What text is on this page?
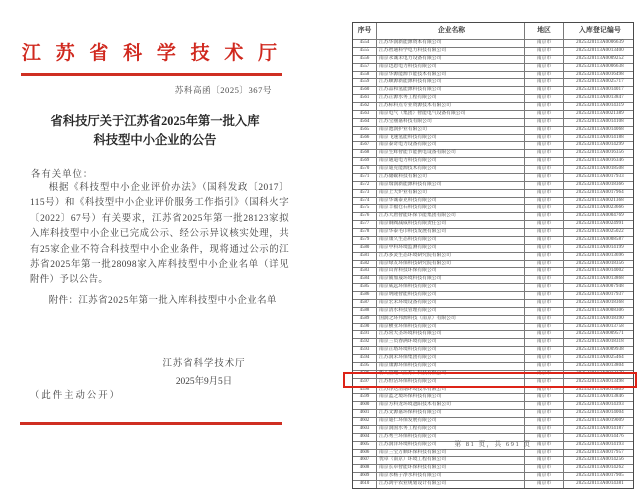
江 苏 省 科 学 技 术 厅
苏科高函〔2025〕367号
省科技厅关于江苏省2025年第一批入库
科技型中小企业的公告
各有关单位：
根据《科技型中小企业评价办法》（国科发政〔2017〕115号）和《科技型中小企业评价服务工作指引》（国科火字〔2022〕67号）有关要求，江苏省2025年第一批28123家拟入库科技型中小企业已完成公示、经公示异议核实处理，共有25家企业不符合科技型中小企业条件，现将通过公示的江苏省2025年第一批28098家入库科技型中小企业名单（详见附件）予以公告。
附件：江苏省2025年第一批入库科技型中小企业名单
江苏省科学技术厅
2025年9月5日
（此件主动公开）
序号	企业名称	地区	入库登记编号
4554	江苏华润新能源资本有限公司	南京市	2025320113A0006639
4555	江苏智通科学电力科技有限公司	南京市	2025320113A0013400
4556	南京永诚禾电力设备有限公司	南京市	2025320113A0009252
4557	南京迅恩电力科技有限公司	南京市	2025320113A0006638
4558	南京华源能源节能技术有限公司	南京市	2025320113A0016498
4559	江苏顺源新能源科技有限公司	南京市	2025320113A0025717
4560	江苏品和氢能源科技有限公司	南京市	2025320113A0014017
4561	江苏正源水务工程有限公司	南京市	2025320113A0013847
4562	江苏标科点专业资源技术有限公司	南京市	2025320113A0014319
4563	南京电气（集团）智能电气设备有限公司	南京市	2025320113A0021389
4564	江苏宝丽嘉科技有限公司	南京市	2025320113A0014108
4565	南京池润护业有限公司	南京市	2025320113A0014068
4566	南京飞速氢能科技有限公司	南京市	2025320113A0014188
4567	南京泰奇电力设备有限公司	南京市	2025320113A0014299
4568	南京生辉智能节能供电设备有限公司	南京市	2025320113A0016356
4569	南京通道电力科技有限公司	南京市	2025320113A0016346
4570	南京迪克能源技术有限公司	南京市	2025320113A0018508
4571	江苏储碳科技有限公司	南京市	2025320113A0017933
4572	南京瑞润新能源科技有限公司	南京市	2025320113A0018366
4573	南京上大炉业有限公司	南京市	2025320113A0017964
4574	南京华诚泰克科技有限公司	南京市	2025320113A0021368
4575	南京丰福仓石科技有限公司	南京市	2025320113A0023666
4576	江苏大唐智能环保节能集团有限公司	南京市	2025320113A0004769
4577	南京铜阀减威科技有限责任公司	南京市	2025320113A0024991
4578	南京华泰毛巾科技发展有限公司	南京市	2025320113A0025022
4579	南京康久生态科技有限公司	南京市	2025320113A0008587
4580	南京中科环境监测有限公司	南京市	2025320113A0014199
4581	江苏多灵生态环境研究院有限公司	南京市	2025320113A0013696
4582	南京绿友环保科技研究院有限公司	南京市	2025320113A0018356
4583	南京山青科技环保有限公司	南京市	2025320113A0014002
4584	南京铺加晟环境科技有限公司	南京市	2025320113A0013868
4585	南京威远环保科技有限公司	南京市	2025320113A0007948
4586	南京明隆智能科技有限公司	南京市	2025320113A0017937
4587	南京宏禾环境设备有限公司	南京市	2025320113A0018368
4588	南京清水科技管理有限公司	南京市	2025320113A0008306
4589	国润之环邦源科技（南京）有限公司	南京市	2025320113A0018390
4590	南京横亚环保科技有限公司	南京市	2025320113A0013758
4591	江苏常大圣环境科技有限公司	南京市	2025320113A0009571
4592	南京三员春满环境有限公司	南京市	2025320113A0018318
4593	南京正塔环境科技有限公司	南京市	2025320113A0009938
4594	江苏润禾环保集团有限公司	南京市	2025320113A0025464
4595	南京康源环保科技有限公司	南京市	2025320113A0013804
4596	新人管理（江苏）科技有限公司	南京市	2025320113A0012379
4597	江苏恒洁环保科技有限公司	南京市	2025320113A0013498
4598	江苏净达清烟环境技术有限公司	南京市	2025320113A0013809
4599	南京蓝之境环保科技有限公司	南京市	2025320113A0013846
4600	南京方科龙环境遮阳技术有限公司	南京市	2025320113A0014393
4601	江苏文源嘉环保科技有限公司	南京市	2025320113A0014004
4602	南京迪仁环保发展有限公司	南京市	2025320113A0019009
4603	南京润国水务工程有限公司	南京市	2025320113A0014187
4604	江苏秀兰环保科技有限公司	南京市	2025320113A0014476
4605	江苏润洋环境科技有限公司	南京市	2025320113A0014193
4606	南京三宝万顺环保科技有限公司	南京市	2025320113A0017957
4607	优卓（南京）环境工程有限公司	南京市	2025320113A0014256
4608	南京长卓智能环保科技有限公司	南京市	2025320113A0014262
4609	南京水杨子净水科技有限公司	南京市	2025320113A0017905
4610	江苏鸿宇农业规划设计有限公司	南京市	2025320113A0014381
第 81 页，共 691 页
